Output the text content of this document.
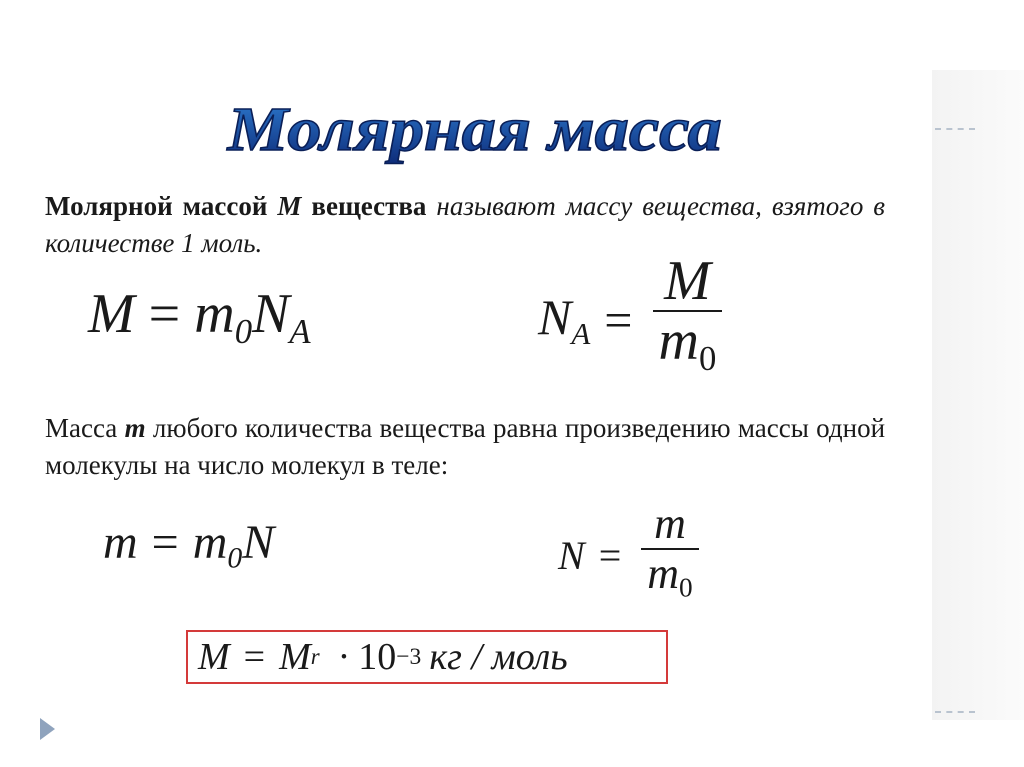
Молярная масса
Молярной массой M вещества называют массу вещества, взятого в количестве 1 моль.
$M = m_0N_A$	$N_A = \frac{M}{m_0}$
Масса m любого количества вещества равна произведению массы одной молекулы на число молекул в теле:
$m = m_0N$	$N = \frac{m}{m_0}$
M = M r · 10 −3 кг / моль
